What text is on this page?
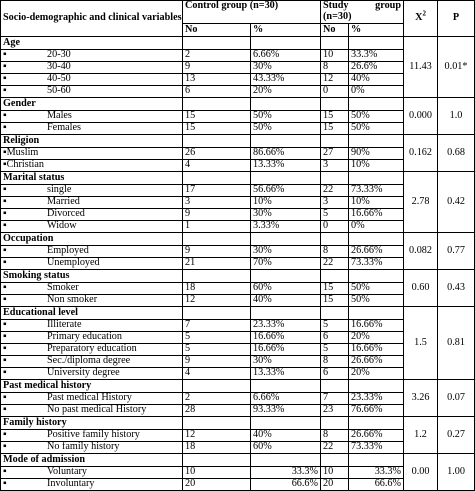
Socio-demographic and clinical variables	Control group (n=30)		Study group
(n=30)		$X^2$	P
	No	%	No	%		
Age					11.43	0.01*
▪ 20-30	2	6.66%	10	33.3%		
▪ 30-40	9	30%	8	26.6%		
▪ 40-50	13	43.33%	12	40%		
▪ 50-60	6	20%	0	0%		
Gender					0.000	1.0
▪ Males	15	50%	15	50%		
▪ Females	15	50%	15	50%		
Religion					0.162	0.68
▪Muslim	26	86.66%	27	90%		
▪Christian	4	13.33%	3	10%		
Marital status					2.78	0.42
▪ single	17	56.66%	22	73.33%		
▪ Married	3	10%	3	10%		
▪ Divorced	9	30%	5	16.66%		
▪ Widow	1	3.33%	0	0%		
Occupation					0.082	0.77
▪ Employed	9	30%	8	26.66%		
▪ Unemployed	21	70%	22	73.33%		
Smoking status					0.60	0.43
▪ Smoker	18	60%	15	50%		
▪ Non smoker	12	40%	15	50%		
Educational level					1.5	0.81
▪ Illiterate	7	23.33%	5	16.66%		
▪ Primary education	5	16.66%	6	20%		
▪ Preparatory education	5	16.66%	5	16.66%		
▪ Sec./diploma degree	9	30%	8	26.66%		
▪ University degree	4	13.33%	6	20%		
Past medical history					3.26	0.07
▪ Past medical History	2	6.66%	7	23.33%		
▪ No past medical History	28	93.33%	23	76.66%		
Family history					1.2	0.27
▪ Positive family history	12	40%	8	26.66%		
▪ No family history	18	60%	22	73.33%		
Mode of admission					0.00	1.00
▪ Voluntary	10	33.3%	10	33.3%		
▪ Involuntary	20	66.6%	20	66.6%		
